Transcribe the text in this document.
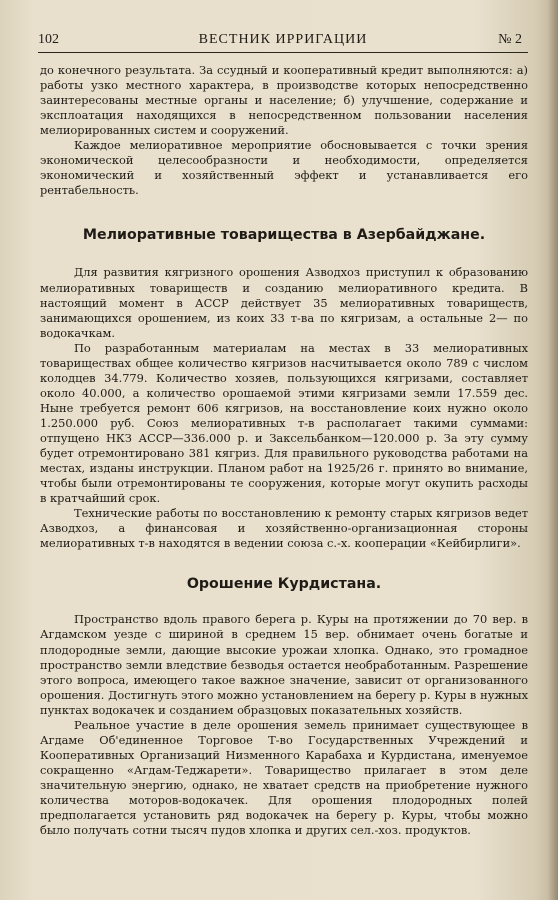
102	ВЕСТНИК ИРРИГАЦИИ	№ 2

до конечного результата. За ссудный и кооперативный кредит выполняются: а) работы узко местного характера, в производстве которых непосредственно заинтересованы местные органы и население; б) улучшение, содержание и эксплоатация находящихся в непосредственном пользовании населения мелиорированных систем и сооружений.

Каждое мелиоративное мероприятие обосновывается с точки зрения экономической целесообразности и необходимости, определяется экономический и хозяйственный эффект и устанавливается его рентабельность.

Мелиоративные товарищества в Азербайджане.

Для развития кягризного орошения Азводхоз приступил к образованию мелиоративных товариществ и созданию мелиоративного кредита. В настоящий момент в АССР действует 35 мелиоративных товариществ, занимающихся орошением, из коих 33 т-ва по кягризам, а остальные 2— по водокачкам.

По разработанным материалам на местах в 33 мелиоративных товариществах общее количество кягризов насчитывается около 789 с числом колодцев 34.779. Количество хозяев, пользующихся кягризами, составляет около 40.000, а количество орошаемой этими кягризами земли 17.559 дес. Ныне требуется ремонт 606 кягризов, на восстановление коих нужно около 1.250.000 руб. Союз мелиоративных т-в располагает такими суммами: отпущено НКЗ АССР—336.000 р. и Заксельбанком—120.000 р. За эту сумму будет отремонтировано 381 кягриз. Для правильного руководства работами на местах, изданы инструкции. Планом работ на 1925/26 г. принято во внимание, чтобы были отремонтированы те сооружения, которые могут окупить расходы в кратчайший срок.

Технические работы по восстановлению к ремонту старых кягризов ведет Азводхоз, а финансовая и хозяйственно-организационная стороны мелиоративных т-в находятся в ведении союза с.-х. кооперации «Кейбирлиги».

Орошение Курдистана.

Пространство вдоль правого берега р. Куры на протяжении до 70 вер. в Агдамском уезде с шириной в среднем 15 вер. обнимает очень богатые и плодородные земли, дающие высокие урожаи хлопка. Однако, это громадное пространство земли вледствие безводья остается необработанным. Разрешение этого вопроса, имеющего такое важное значение, зависит от организованного орошения. Достигнуть этого можно установлением на берегу р. Куры в нужных пунктах водокачек и созданием образцовых показательных хозяйств.

Реальное участие в деле орошения земель принимает существующее в Агдаме Об'единенное Торговое Т-во Государственных Учреждений и Кооперативных Организаций Низменного Карабаха и Курдистана, именуемое сокращенно «Агдам-Теджарети». Товарищество прилагает в этом деле значительную энергию, однако, не хватает средств на приобретение нужного количества моторов-водокачек. Для орошения плодородных полей предполагается установить ряд водокачек на берегу р. Куры, чтобы можно было получать сотни тысяч пудов хлопка и других сел.-хоз. продуктов.
